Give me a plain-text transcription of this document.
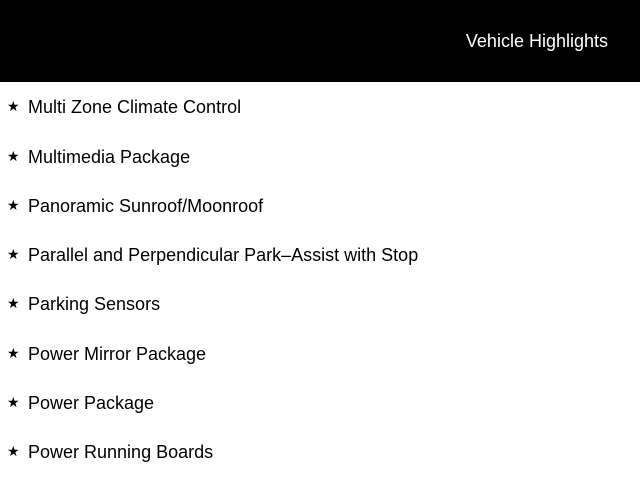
Vehicle Highlights
★ Multi Zone Climate Control
★ Multimedia Package
★ Panoramic Sunroof/Moonroof
★ Parallel and Perpendicular Park–Assist with Stop
★ Parking Sensors
★ Power Mirror Package
★ Power Package
★ Power Running Boards
